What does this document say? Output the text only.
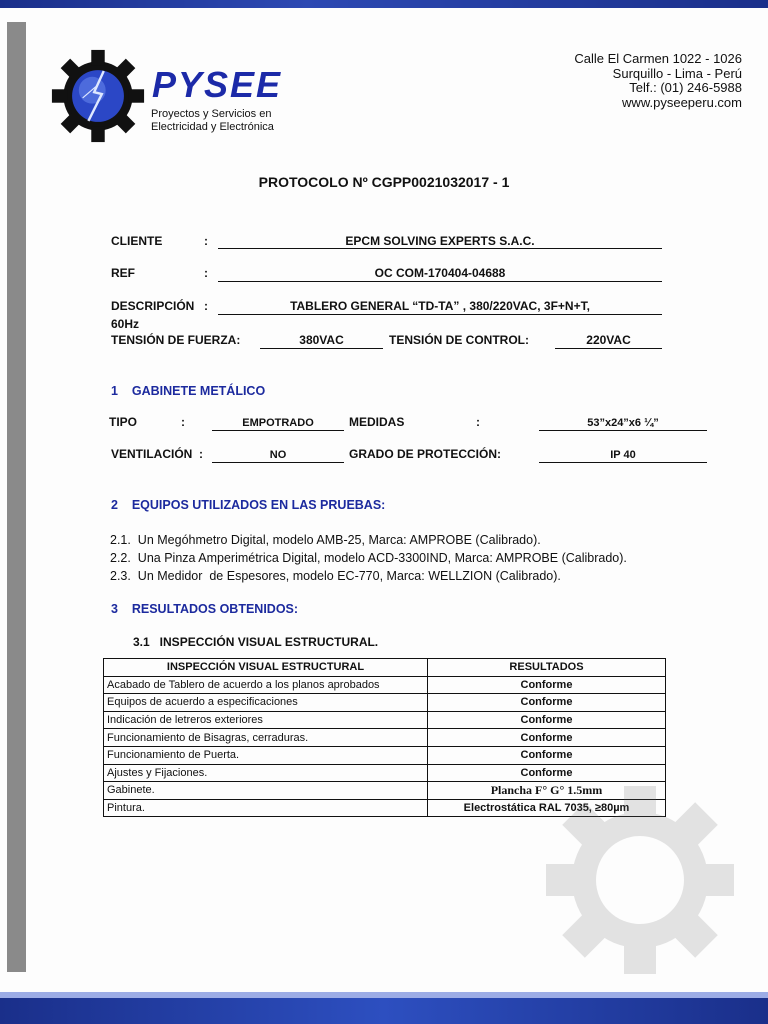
PYSEE
Proyectos y Servicios en
Electricidad y Electrónica
Calle El Carmen 1022 - 1026
Surquillo - Lima - Perú
Telf.: (01) 246-5988
www.pyseeperu.com
PROTOCOLO Nº CGPP0021032017 - 1
CLIENTE	:	EPCM SOLVING EXPERTS S.A.C.
REF	:	OC COM-170404-04688
DESCRIPCIÓN :	TABLERO GENERAL “TD-TA” , 380/220VAC, 3F+N+T,
60Hz
TENSIÓN DE FUERZA:	380VAC	TENSIÓN DE CONTROL:	220VAC
1    GABINETE METÁLICO
TIPO	:	EMPOTRADO	MEDIDAS	:	53”x24”x6 ¼”
VENTILACIÓN  :	NO	GRADO DE PROTECCIÓN:	IP 40
2    EQUIPOS UTILIZADOS EN LAS PRUEBAS:
2.1.  Un Megóhmetro Digital, modelo AMB-25, Marca: AMPROBE (Calibrado).
2.2.  Una Pinza Amperimétrica Digital, modelo ACD-3300IND, Marca: AMPROBE (Calibrado).
2.3.  Un Medidor  de Espesores, modelo EC-770, Marca: WELLZION (Calibrado).
3    RESULTADOS OBTENIDOS:
3.1   INSPECCIÓN VISUAL ESTRUCTURAL.
INSPECCIÓN VISUAL ESTRUCTURAL	RESULTADOS
Acabado de Tablero de acuerdo a los planos aprobados	Conforme
Equipos de acuerdo a especificaciones	Conforme
Indicación de letreros exteriores	Conforme
Funcionamiento de Bisagras, cerraduras.	Conforme
Funcionamiento de Puerta.	Conforme
Ajustes y Fijaciones.	Conforme
Gabinete.	Plancha F° G° 1.5mm
Pintura.	Electrostática RAL 7035, ≥80µm
